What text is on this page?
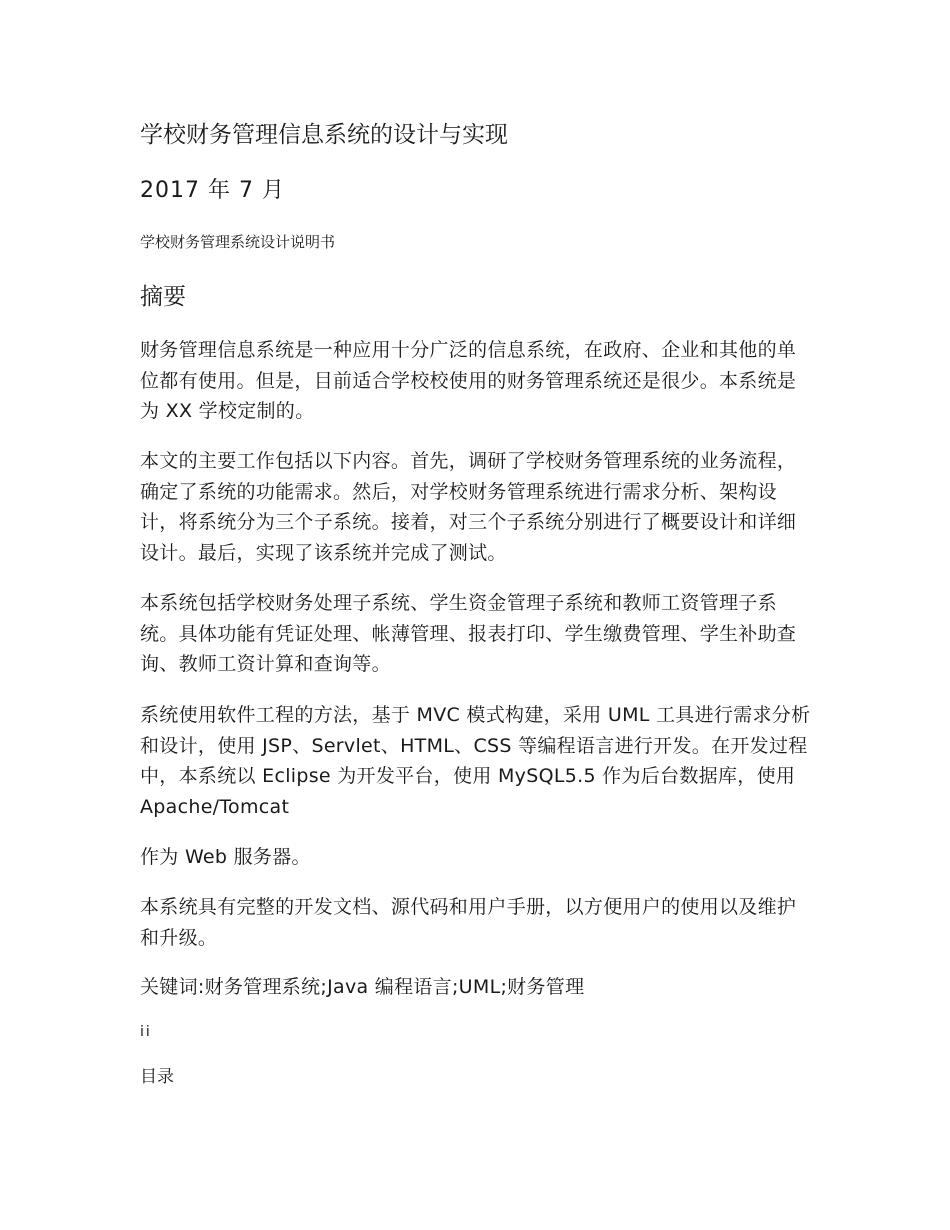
学校财务管理信息系统的设计与实现
2017 年 7 月
学校财务管理系统设计说明书
摘要

财务管理信息系统是一种应用十分广泛的信息系统，在政府、企业和其他的单位都有使用。但是，目前适合学校校使用的财务管理系统还是很少。本系统是为 XX 学校定制的。

本文的主要工作包括以下内容。首先，调研了学校财务管理系统的业务流程，确定了系统的功能需求。然后，对学校财务管理系统进行需求分析、架构设计，将系统分为三个子系统。接着，对三个子系统分别进行了概要设计和详细设计。最后，实现了该系统并完成了测试。

本系统包括学校财务处理子系统、学生资金管理子系统和教师工资管理子系统。具体功能有凭证处理、帐薄管理、报表打印、学生缴费管理、学生补助查询、教师工资计算和查询等。

系统使用软件工程的方法，基于 MVC 模式构建，采用 UML 工具进行需求分析和设计，使用 JSP、Servlet、HTML、CSS 等编程语言进行开发。在开发过程中，本系统以 Eclipse 为开发平台，使用 MySQL5.5 作为后台数据库，使用 Apache/Tomcat

作为 Web 服务器。

本系统具有完整的开发文档、源代码和用户手册，以方便用户的使用以及维护和升级。

关键词:财务管理系统;Java 编程语言;UML;财务管理

ii
目录
